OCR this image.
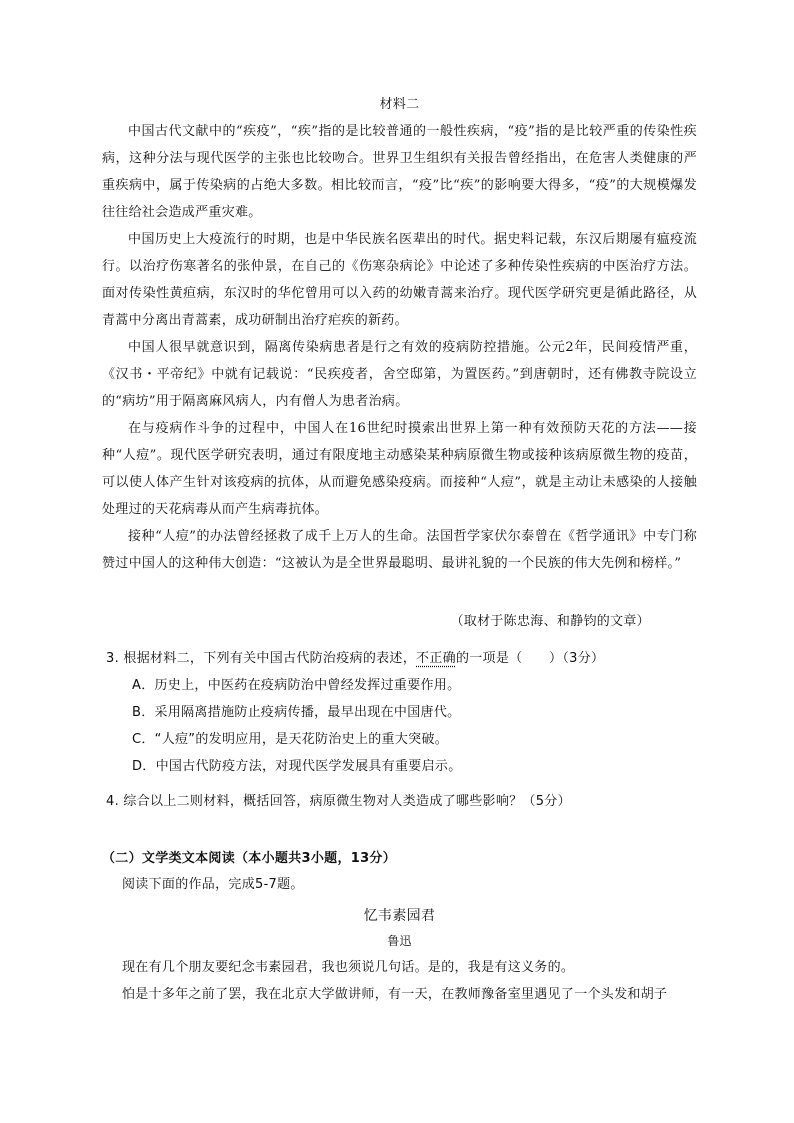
材料二

中国古代文献中的“疾疫”，“疾”指的是比较普通的一般性疾病，“疫”指的是比较严重的传染性疾病，这种分法与现代医学的主张也比较吻合。世界卫生组织有关报告曾经指出，在危害人类健康的严重疾病中，属于传染病的占绝大多数。相比较而言，“疫”比“疾”的影响要大得多，“疫”的大规模爆发往往给社会造成严重灾难。

中国历史上大疫流行的时期，也是中华民族名医辈出的时代。据史料记载，东汉后期屡有瘟疫流行。以治疗伤寒著名的张仲景，在自己的《伤寒杂病论》中论述了多种传染性疾病的中医治疗方法。面对传染性黄疸病，东汉时的华佗曾用可以入药的幼嫩青蒿来治疗。现代医学研究更是循此路径，从青蒿中分离出青蒿素，成功研制出治疗疟疾的新药。

中国人很早就意识到，隔离传染病患者是行之有效的疫病防控措施。公元2年，民间疫情严重，《汉书・平帝纪》中就有记载说：“民疾疫者，舍空邸第，为置医药。”到唐朝时，还有佛教寺院设立的“病坊”用于隔离麻风病人，内有僧人为患者治病。

在与疫病作斗争的过程中，中国人在16世纪时摸索出世界上第一种有效预防天花的方法——接种“人痘”。现代医学研究表明，通过有限度地主动感染某种病原微生物或接种该病原微生物的疫苗，可以使人体产生针对该疫病的抗体，从而避免感染疫病。而接种“人痘”，就是主动让未感染的人接触处理过的天花病毒从而产生病毒抗体。

接种“人痘”的办法曾经拯救了成千上万人的生命。法国哲学家伏尔泰曾在《哲学通讯》中专门称赞过中国人的这种伟大创造：“这被认为是全世界最聪明、最讲礼貌的一个民族的伟大先例和榜样。”

（取材于陈忠海、和静钧的文章）

3. 根据材料二，下列有关中国古代防治疫病的表述，不正确的一项是（　　）（3分）

A．历史上，中医药在疫病防治中曾经发挥过重要作用。

B．采用隔离措施防止疫病传播，最早出现在中国唐代。

C．“人痘”的发明应用，是天花防治史上的重大突破。

D．中国古代防疫方法，对现代医学发展具有重要启示。

4. 综合以上二则材料，概括回答，病原微生物对人类造成了哪些影响？（5分）
（二）文学类文本阅读（本小题共3小题，13分）
阅读下面的作品，完成5-7题。
忆韦素园君
鲁迅

现在有几个朋友要纪念韦素园君，我也须说几句话。是的，我是有这义务的。

怕是十多年之前了罢，我在北京大学做讲师，有一天，在教师豫备室里遇见了一个头发和胡子
